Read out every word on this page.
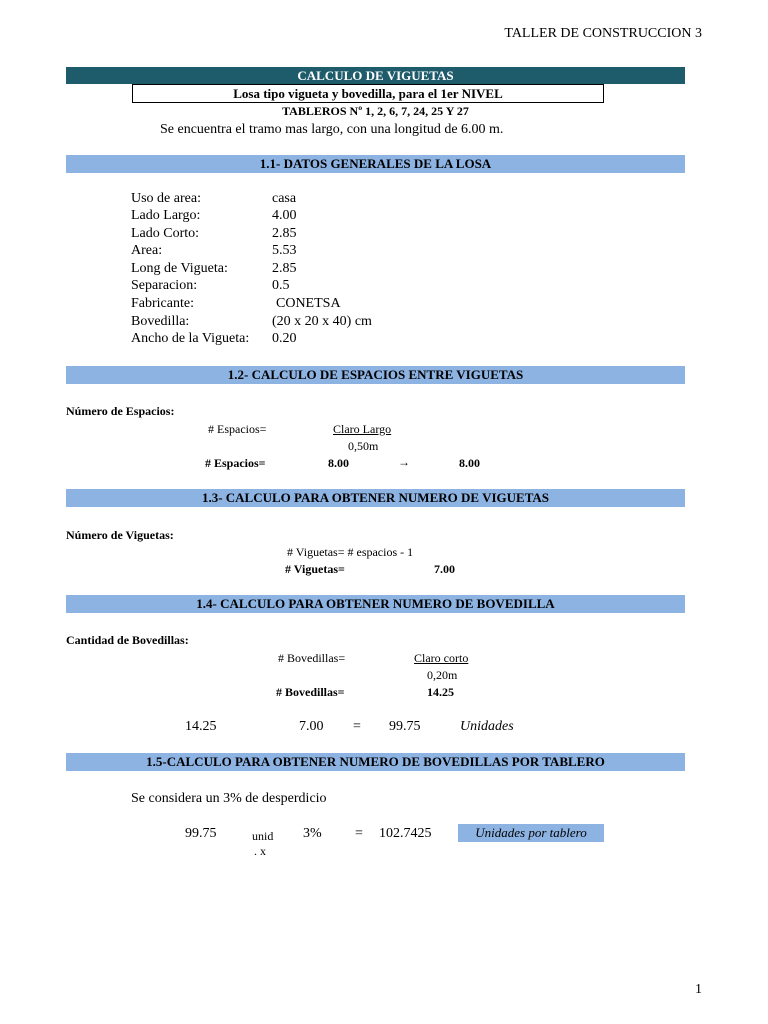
TALLER DE CONSTRUCCION 3
CALCULO DE VIGUETAS
Losa tipo vigueta y bovedilla, para el 1er NIVEL
TABLEROS Nº 1, 2, 6, 7, 24, 25 Y 27
Se encuentra el tramo mas largo, con una longitud de 6.00 m.
1.1- DATOS GENERALES DE LA LOSA
Uso de area:	casa
Lado Largo:	4.00
Lado Corto:	2.85
Area:	5.53
Long de Vigueta:	2.85
Separacion:	0.5
Fabricante:	CONETSA
Bovedilla:	(20 x 20 x 40) cm
Ancho de la Vigueta: 0.20
1.2- CALCULO DE ESPACIOS ENTRE VIGUETAS
Número de Espacios:
# Espacios=	Claro Largo
0,50m
# Espacios=	8.00	→	8.00
1.3- CALCULO PARA OBTENER NUMERO DE VIGUETAS
Número de Viguetas:
# Viguetas= # espacios - 1
# Viguetas=	7.00
1.4- CALCULO PARA OBTENER NUMERO DE BOVEDILLA
Cantidad de Bovedillas:
# Bovedillas=	Claro corto
0,20m
# Bovedillas=	14.25
14.25	7.00 = 99.75	Unidades
1.5-CALCULO PARA OBTENER NUMERO DE BOVEDILLAS POR TABLERO
Se considera un 3% de desperdicio
99.75	unid
. x
3% = 102.7425	Unidades por tablero
1
